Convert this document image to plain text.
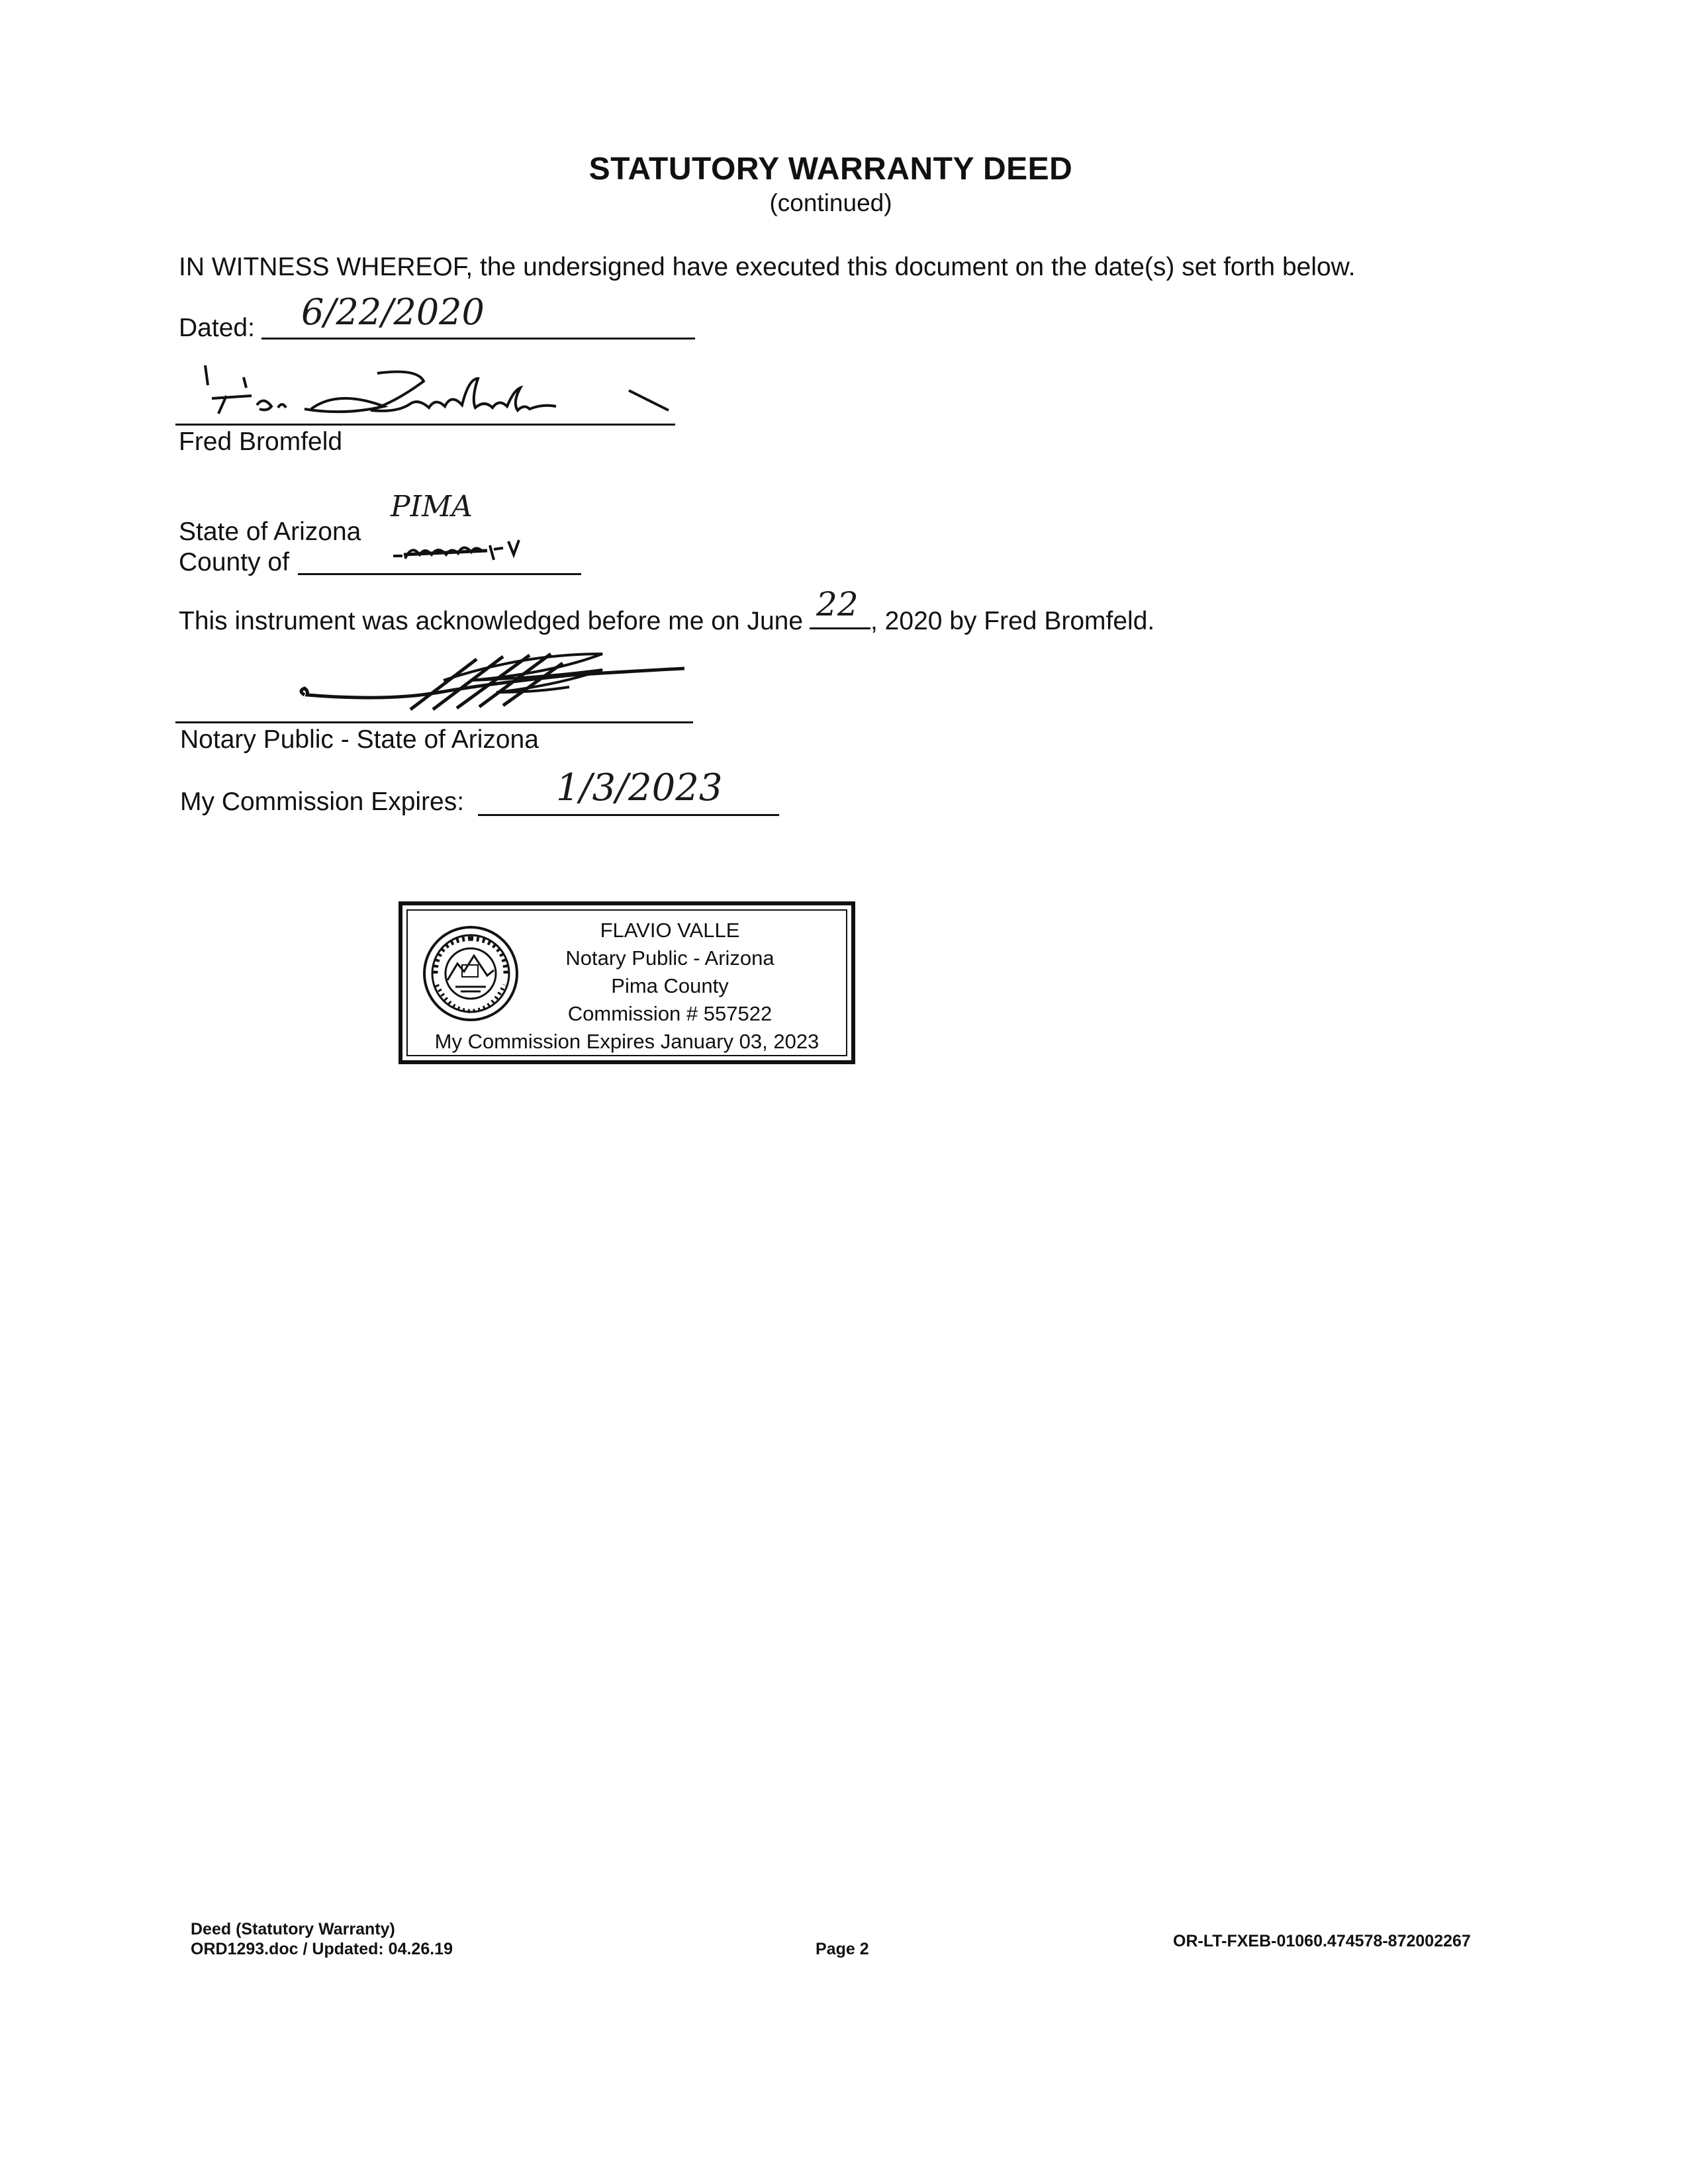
STATUTORY WARRANTY DEED
(continued)
IN WITNESS WHEREOF, the undersigned have executed this document on the date(s) set forth below.
Dated: 6/22/2020
Fred Bromfeld
State of Arizona
County of
PIMA
This instrument was acknowledged before me on June 22 , 2020 by Fred Bromfeld.
Notary Public - State of Arizona
My Commission Expires: 1/3/2023
FLAVIO VALLE
Notary Public - Arizona
Pima County
Commission # 557522
My Commission Expires January 03, 2023
Deed (Statutory Warranty)
ORD1293.doc / Updated: 04.26.19	Page 2	OR-LT-FXEB-01060.474578-872002267
